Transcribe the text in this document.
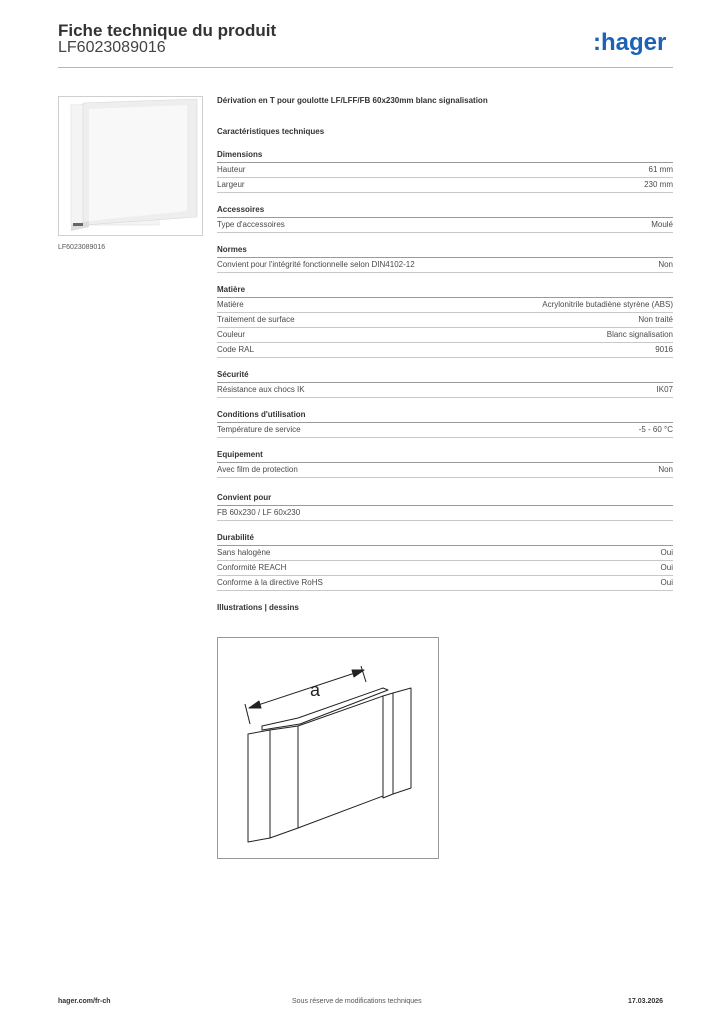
Fiche technique du produit
LF6023089016	:hager
LF6023089016
Dérivation en T pour goulotte LF/LFF/FB 60x230mm blanc signalisation
Caractéristiques techniques
Dimensions
Hauteur	61 mm
Largeur	230 mm
Accessoires
Type d'accessoires	Moulé
Normes
Convient pour l'intégrité fonctionnelle selon DIN4102-12	Non
Matière
Matière	Acrylonitrile butadiène styrène (ABS)
Traitement de surface	Non traité
Couleur	Blanc signalisation
Code RAL	9016
Sécurité
Résistance aux chocs IK	IK07
Conditions d'utilisation
Température de service	-5 - 60 °C
Equipement
Avec film de protection	Non
Convient pour
FB 60x230 / LF 60x230
Durabilité
Sans halogène	Oui
Conformité REACH	Oui
Conforme à la directive RoHS	Oui
Illustrations | dessins
a
hager.com/fr-ch	Sous réserve de modifications techniques	17.03.2026
